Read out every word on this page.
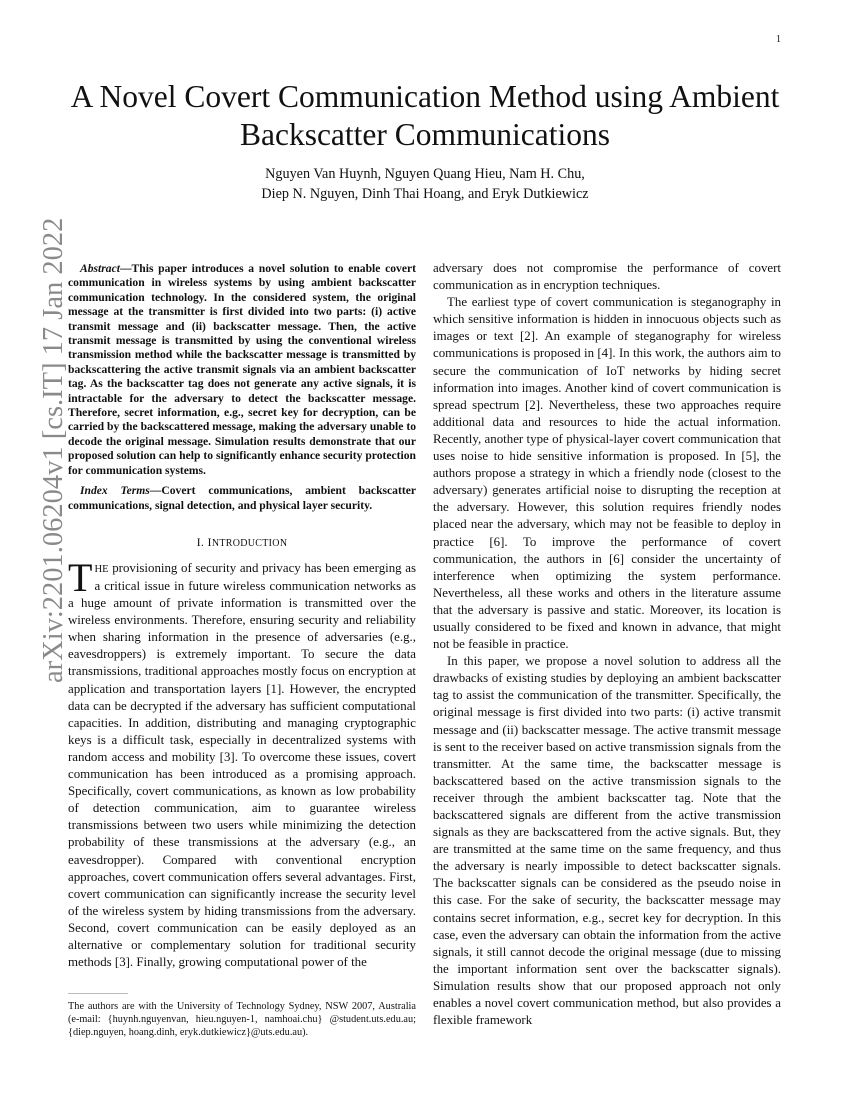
1
arXiv:2201.06204v1 [cs.IT] 17 Jan 2022
A Novel Covert Communication Method using Ambient Backscatter Communications
Nguyen Van Huynh, Nguyen Quang Hieu, Nam H. Chu,
Diep N. Nguyen, Dinh Thai Hoang, and Eryk Dutkiewicz

Abstract—This paper introduces a novel solution to enable covert communication in wireless systems by using ambient backscatter communication technology. In the considered system, the original message at the transmitter is first divided into two parts: (i) active transmit message and (ii) backscatter message. Then, the active transmit message is transmitted by using the conventional wireless transmission method while the backscatter message is transmitted by backscattering the active transmit signals via an ambient backscatter tag. As the backscatter tag does not generate any active signals, it is intractable for the adversary to detect the backscatter message. Therefore, secret information, e.g., secret key for decryption, can be carried by the backscattered message, making the adversary unable to decode the original message. Simulation results demonstrate that our proposed solution can help to significantly enhance security protection for communication systems.

Index Terms—Covert communications, ambient backscatter communications, signal detection, and physical layer security.

I. INTRODUCTION

THE provisioning of security and privacy has been emerging as a critical issue in future wireless communication networks as a huge amount of private information is transmitted over the wireless environments. Therefore, ensuring security and reliability when sharing information in the presence of adversaries (e.g., eavesdroppers) is extremely important. To secure the data transmissions, traditional approaches mostly focus on encryption at application and transportation layers [1]. However, the encrypted data can be decrypted if the adversary has sufficient computational capacities. In addition, distributing and managing cryptographic keys is a difficult task, especially in decentralized systems with random access and mobility [3]. To overcome these issues, covert communication has been introduced as a promising approach. Specifically, covert communications, as known as low probability of detection communication, aim to guarantee wireless transmissions between two users while minimizing the detection probability of these transmissions at the adversary (e.g., an eavesdropper). Compared with conventional encryption approaches, covert communication offers several advantages. First, covert communication can significantly increase the security level of the wireless system by hiding transmissions from the adversary. Second, covert communication can be easily deployed as an alternative or complementary solution for traditional security methods [3]. Finally, growing computational power of the

adversary does not compromise the performance of covert communication as in encryption techniques.

The earliest type of covert communication is steganography in which sensitive information is hidden in innocuous objects such as images or text [2]. An example of steganography for wireless communications is proposed in [4]. In this work, the authors aim to secure the communication of IoT networks by hiding secret information into images. Another kind of covert communication is spread spectrum [2]. Nevertheless, these two approaches require additional data and resources to hide the actual information. Recently, another type of physical-layer covert communication that uses noise to hide sensitive information is proposed. In [5], the authors propose a strategy in which a friendly node (closest to the adversary) generates artificial noise to disrupting the reception at the adversary. However, this solution requires friendly nodes placed near the adversary, which may not be feasible to deploy in practice [6]. To improve the performance of covert communication, the authors in [6] consider the uncertainty of interference when optimizing the system performance. Nevertheless, all these works and others in the literature assume that the adversary is passive and static. Moreover, its location is usually considered to be fixed and known in advance, that might not be feasible in practice.

In this paper, we propose a novel solution to address all the drawbacks of existing studies by deploying an ambient backscatter tag to assist the communication of the transmitter. Specifically, the original message is first divided into two parts: (i) active transmit message and (ii) backscatter message. The active transmit message is sent to the receiver based on active transmission signals from the transmitter. At the same time, the backscatter message is backscattered based on the active transmission signals to the receiver through the ambient backscatter tag. Note that the backscattered signals are different from the active transmission signals as they are backscattered from the active signals. But, they are transmitted at the same time on the same frequency, and thus the adversary is nearly impossible to detect backscatter signals. The backscatter signals can be considered as the pseudo noise in this case. For the sake of security, the backscatter message may contains secret information, e.g., secret key for decryption. In this case, even the adversary can obtain the information from the active signals, it still cannot decode the original message (due to missing the important information sent over the backscatter signals). Simulation results show that our proposed approach not only enables a novel covert communication method, but also provides a flexible framework

The authors are with the University of Technology Sydney, NSW 2007, Australia (e-mail: {huynh.nguyenvan, hieu.nguyen-1, namhoai.chu} @student.uts.edu.au; {diep.nguyen, hoang.dinh, eryk.dutkiewicz}@uts.edu.au).
